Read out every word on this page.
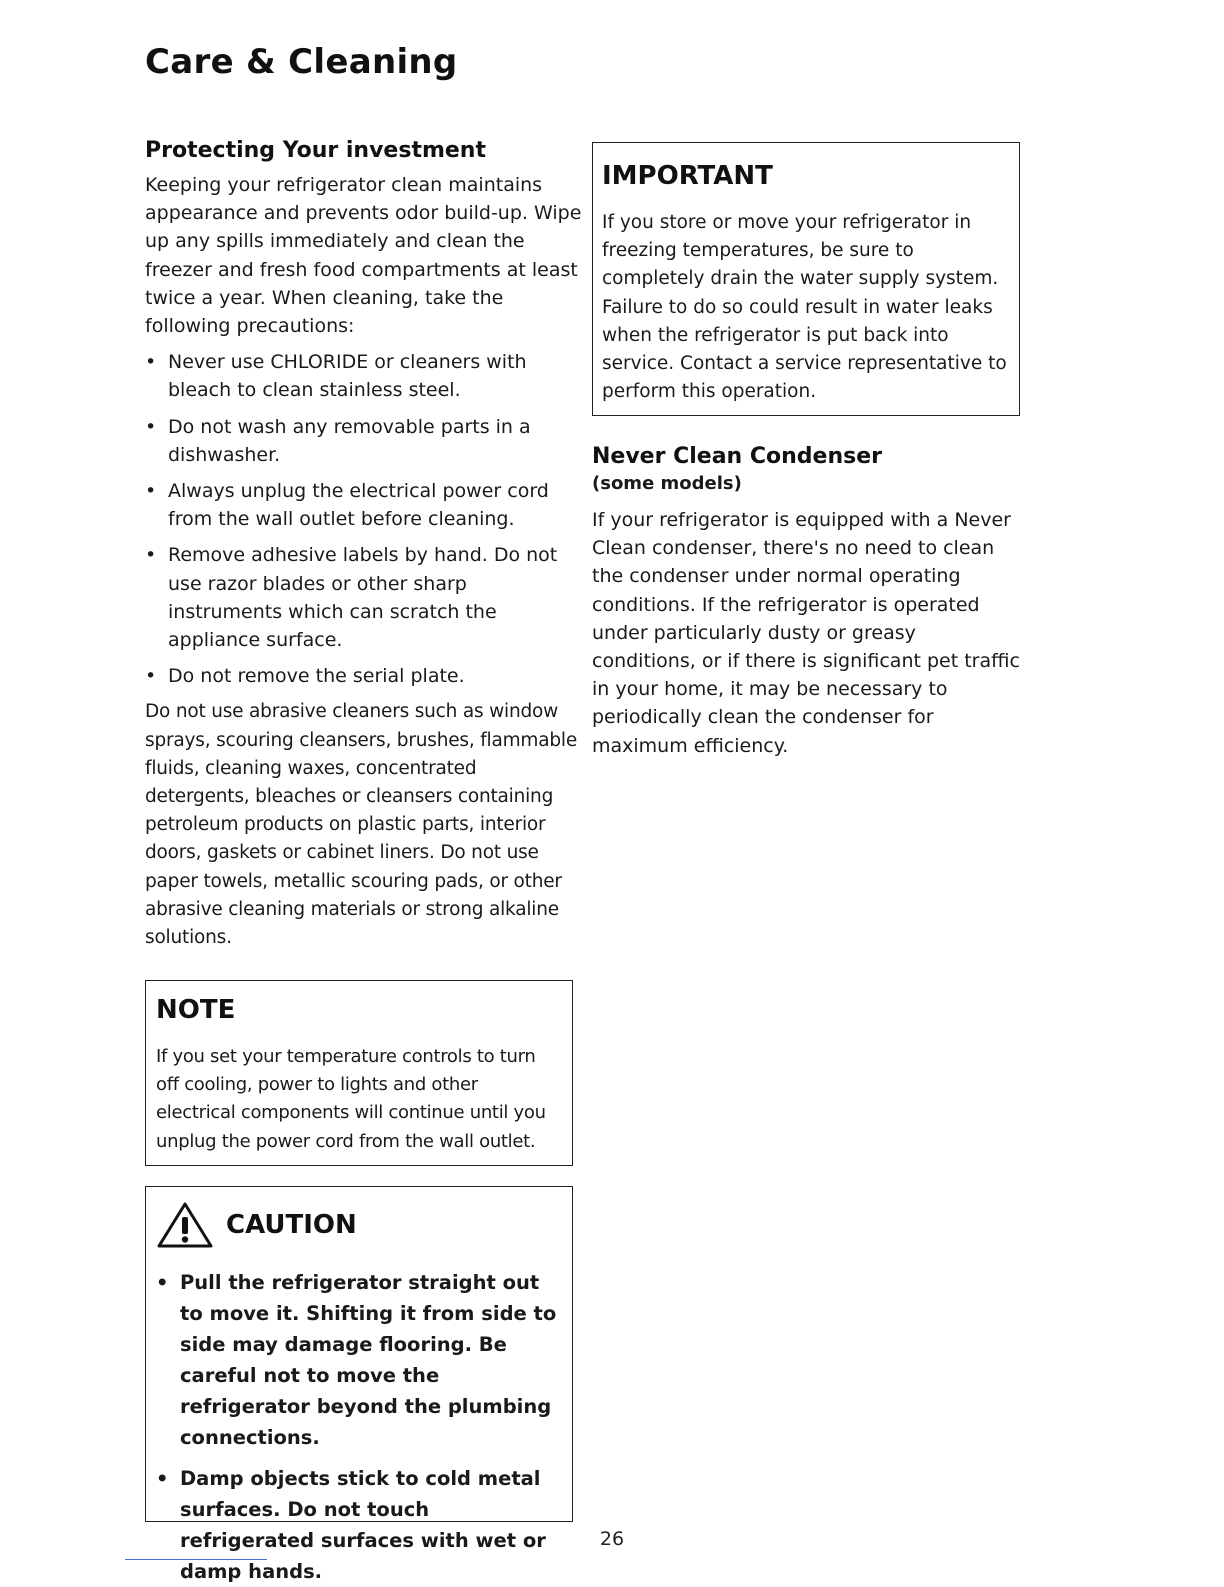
Care & Cleaning
Protecting Your investment

Keeping your refrigerator clean maintains appearance and prevents odor build-up. Wipe up any spills immediately and clean the freezer and fresh food compartments at least twice a year. When cleaning, take the following precautions:

• Never use CHLORIDE or cleaners with bleach to clean stainless steel.
• Do not wash any removable parts in a dishwasher.
• Always unplug the electrical power cord from the wall outlet before cleaning.
• Remove adhesive labels by hand. Do not use razor blades or other sharp instruments which can scratch the appliance surface.
• Do not remove the serial plate.

Do not use abrasive cleaners such as window sprays, scouring cleansers, brushes, flammable fluids, cleaning waxes, concentrated detergents, bleaches or cleansers containing petroleum products on plastic parts, interior doors, gaskets or cabinet liners. Do not use paper towels, metallic scouring pads, or other abrasive cleaning materials or strong alkaline solutions.

NOTE

If you set your temperature controls to turn off cooling, power to lights and other electrical components will continue until you unplug the power cord from the wall outlet.

CAUTION
• Pull the refrigerator straight out to move it. Shifting it from side to side may damage flooring. Be careful not to move the refrigerator beyond the plumbing connections.
• Damp objects stick to cold metal surfaces. Do not touch refrigerated surfaces with wet or damp hands.
IMPORTANT

If you store or move your refrigerator in freezing temperatures, be sure to completely drain the water supply system. Failure to do so could result in water leaks when the refrigerator is put back into service. Contact a service representative to perform this operation.

Never Clean Condenser
(some models)

If your refrigerator is equipped with a Never Clean condenser, there's no need to clean the condenser under normal operating conditions. If the refrigerator is operated under particularly dusty or greasy conditions, or if there is significant pet traffic in your home, it may be necessary to periodically clean the condenser for maximum efficiency.

26
